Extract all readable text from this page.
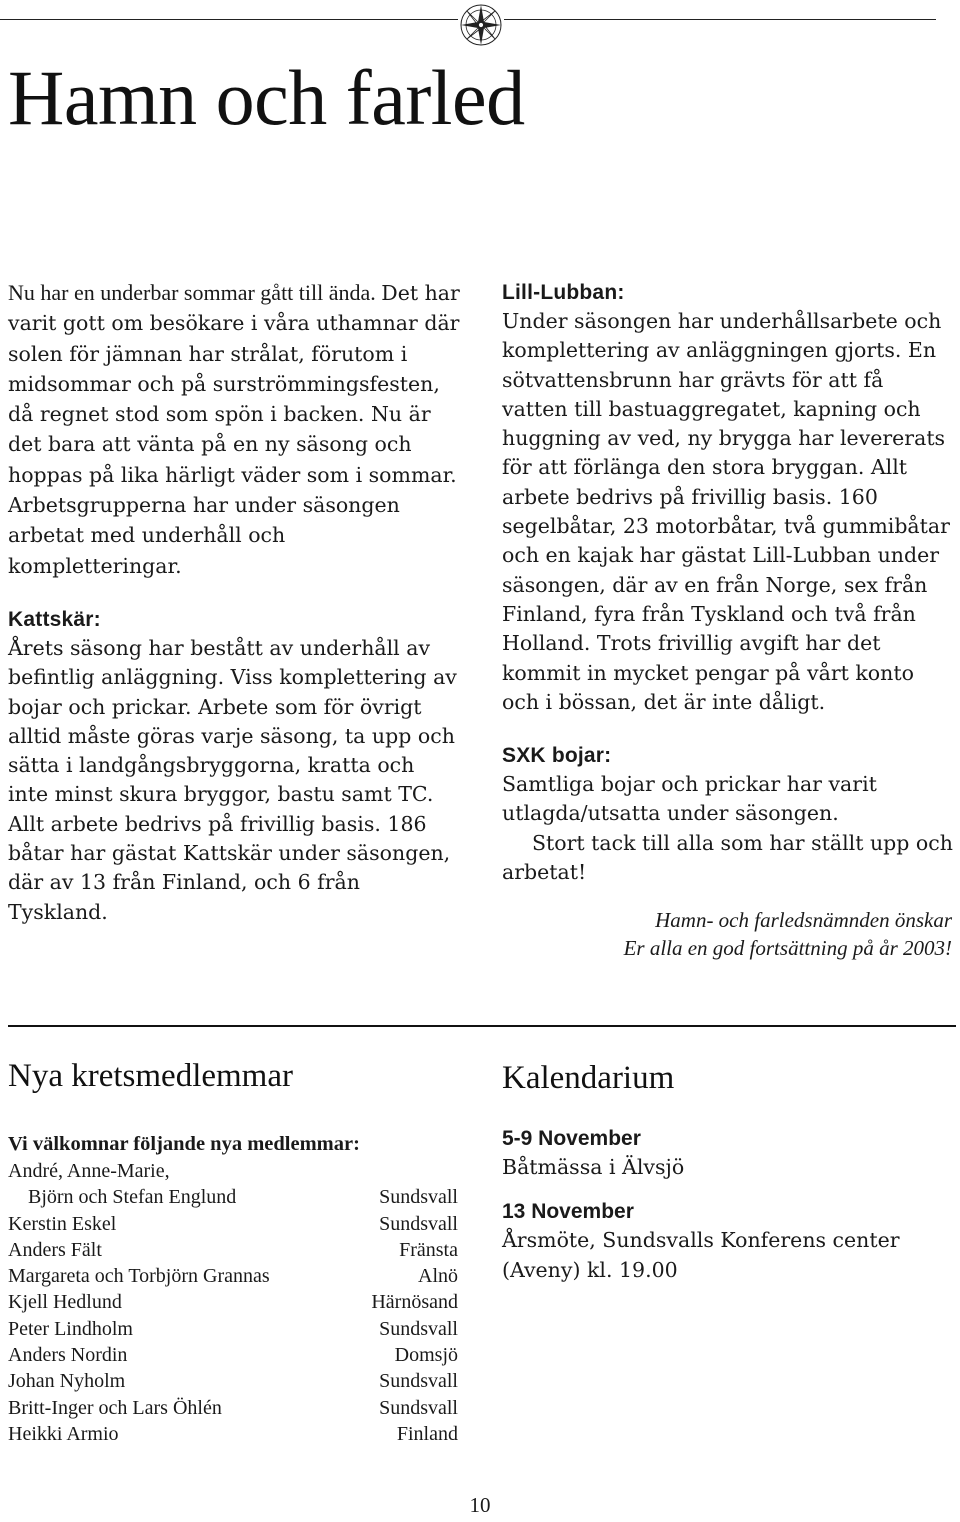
Hamn och farled

Nu har en underbar sommar gått till ända. Det har varit gott om besökare i våra uthamnar där solen för jämnan har strålat, förutom i midsommar och på surströmmingsfesten, då regnet stod som spön i backen. Nu är det bara att vänta på en ny säsong och hoppas på lika härligt väder som i sommar. Arbetsgrupperna har under säsongen arbetat med underhåll och kompletteringar.

Kattskär:

Årets säsong har bestått av underhåll av befintlig anläggning. Viss komplettering av bojar och prickar. Arbete som för övrigt alltid måste göras varje säsong, ta upp och sätta i landgångsbryggorna, kratta och inte minst skura bryggor, bastu samt TC. Allt arbete bedrivs på frivillig basis. 186 båtar har gästat Kattskär under säsongen, där av 13 från Finland, och 6 från Tyskland.

Lill-Lubban:

Under säsongen har underhållsarbete och komplettering av anläggningen gjorts. En sötvattensbrunn har grävts för att få vatten till bastuaggregatet, kapning och huggning av ved, ny brygga har levererats för att förlänga den stora bryggan. Allt arbete bedrivs på frivillig basis. 160 segelbåtar, 23 motorbåtar, två gummibåtar och en kajak har gästat Lill-Lubban under säsongen, där av en från Norge, sex från Finland, fyra från Tyskland och två från Holland. Trots frivillig avgift har det kommit in mycket pengar på vårt konto och i bössan, det är inte dåligt.

SXK bojar:

Samtliga bojar och prickar har varit utlagda/utsatta under säsongen.

Stort tack till alla som har ställt upp och arbetat!

Hamn- och farledsnämnden önskar
Er alla en god fortsättning på år 2003!
Nya kretsmedlemmar

Vi välkomnar följande nya medlemmar:

André, Anne-Marie,
Björn och Stefan Englund	Sundsvall
Kerstin Eskel	Sundsvall
Anders Fält	Fränsta
Margareta och Torbjörn Grannas	Alnö
Kjell Hedlund	Härnösand
Peter Lindholm	Sundsvall
Anders Nordin	Domsjö
Johan Nyholm	Sundsvall
Britt-Inger och Lars Öhlén	Sundsvall
Heikki Armio	Finland
Kalendarium
5-9 November

Båtmässa i Älvsjö

13 November

Årsmöte, Sundsvalls Konferens center (Aveny) kl. 19.00

10
